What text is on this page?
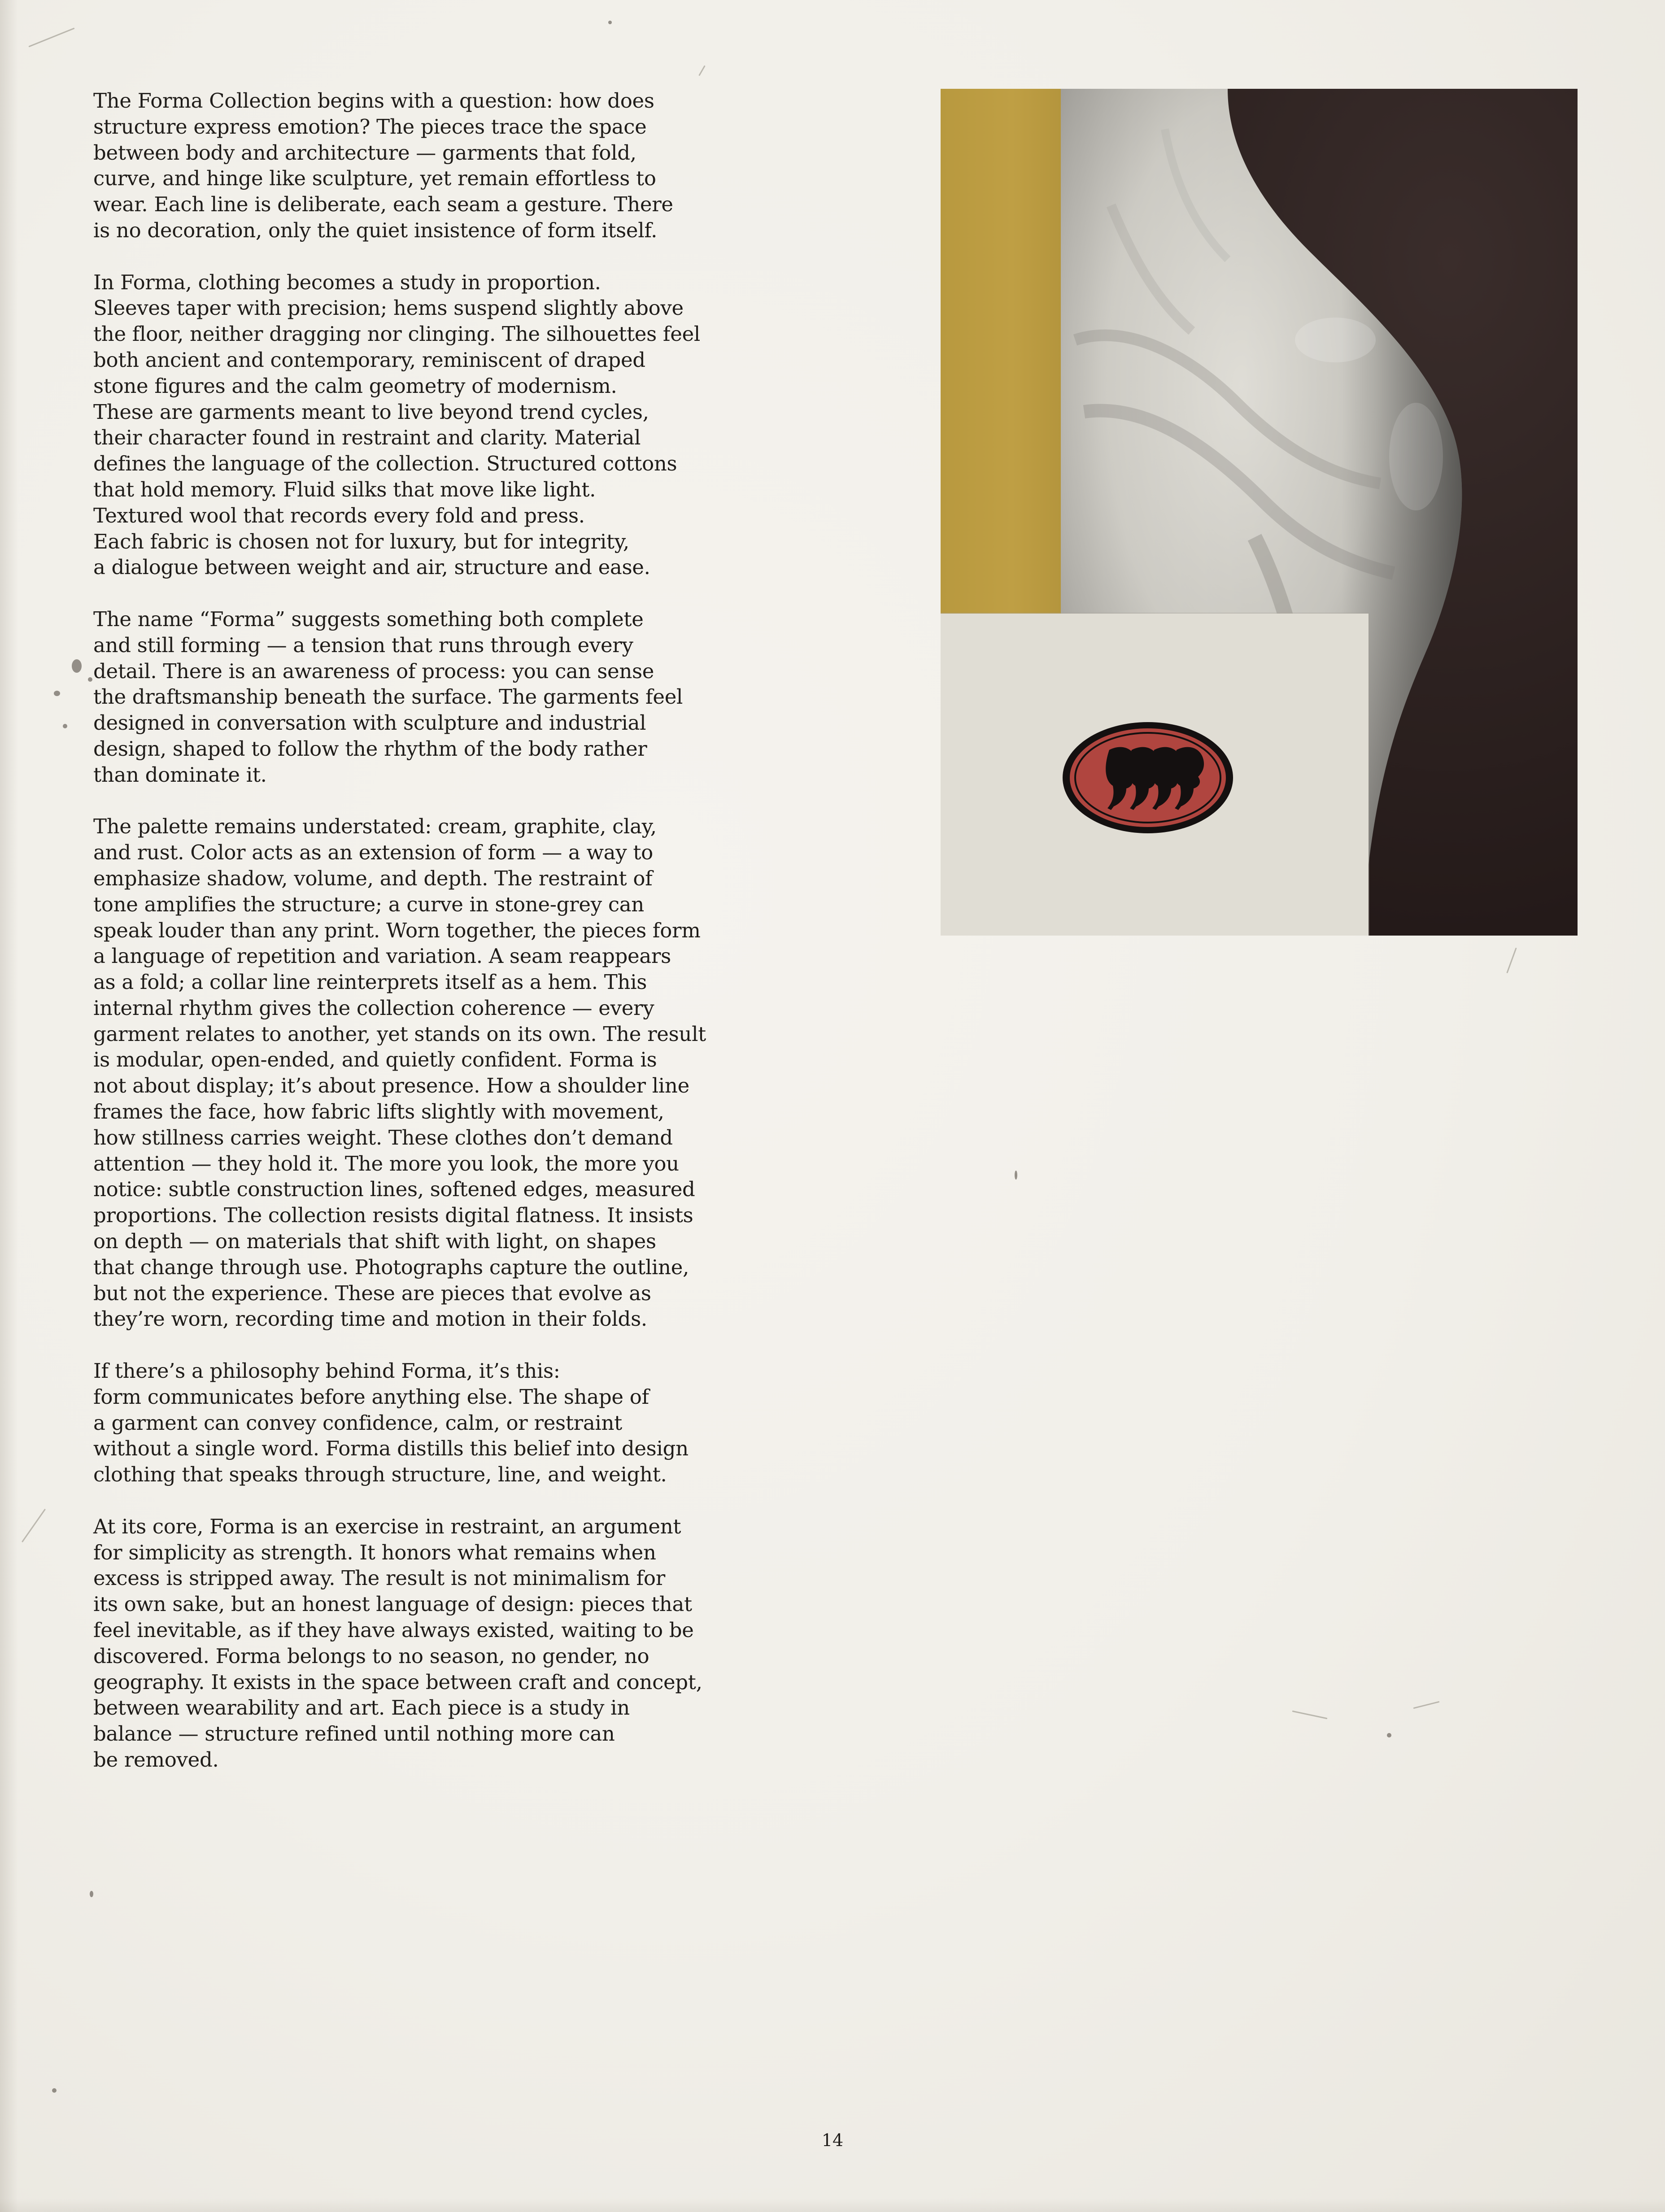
The Forma Collection begins with a question: how does
structure express emotion? The pieces trace the space
between body and architecture — garments that fold,
curve, and hinge like sculpture, yet remain effortless to
wear. Each line is deliberate, each seam a gesture. There
is no decoration, only the quiet insistence of form itself.

In Forma, clothing becomes a study in proportion.
Sleeves taper with precision; hems suspend slightly above
the floor, neither dragging nor clinging. The silhouettes feel
both ancient and contemporary, reminiscent of draped
stone figures and the calm geometry of modernism.
These are garments meant to live beyond trend cycles,
their character found in restraint and clarity. Material
defines the language of the collection. Structured cottons
that hold memory. Fluid silks that move like light.
Textured wool that records every fold and press.
Each fabric is chosen not for luxury, but for integrity,
a dialogue between weight and air, structure and ease.

The name “Forma” suggests something both complete
and still forming — a tension that runs through every
detail. There is an awareness of process: you can sense
the draftsmanship beneath the surface. The garments feel
designed in conversation with sculpture and industrial
design, shaped to follow the rhythm of the body rather
than dominate it.

The palette remains understated: cream, graphite, clay,
and rust. Color acts as an extension of form — a way to
emphasize shadow, volume, and depth. The restraint of
tone amplifies the structure; a curve in stone-grey can
speak louder than any print. Worn together, the pieces form
a language of repetition and variation. A seam reappears
as a fold; a collar line reinterprets itself as a hem. This
internal rhythm gives the collection coherence — every
garment relates to another, yet stands on its own. The result
is modular, open-ended, and quietly confident. Forma is
not about display; it’s about presence. How a shoulder line
frames the face, how fabric lifts slightly with movement,
how stillness carries weight. These clothes don’t demand
attention — they hold it. The more you look, the more you
notice: subtle construction lines, softened edges, measured
proportions. The collection resists digital flatness. It insists
on depth — on materials that shift with light, on shapes
that change through use. Photographs capture the outline,
but not the experience. These are pieces that evolve as
they’re worn, recording time and motion in their folds.

If there’s a philosophy behind Forma, it’s this:
form communicates before anything else. The shape of
a garment can convey confidence, calm, or restraint
without a single word. Forma distills this belief into design
clothing that speaks through structure, line, and weight.

At its core, Forma is an exercise in restraint, an argument
for simplicity as strength. It honors what remains when
excess is stripped away. The result is not minimalism for
its own sake, but an honest language of design: pieces that
feel inevitable, as if they have always existed, waiting to be
discovered. Forma belongs to no season, no gender, no
geography. It exists in the space between craft and concept,
between wearability and art. Each piece is a study in
balance — structure refined until nothing more can
be removed.

14
